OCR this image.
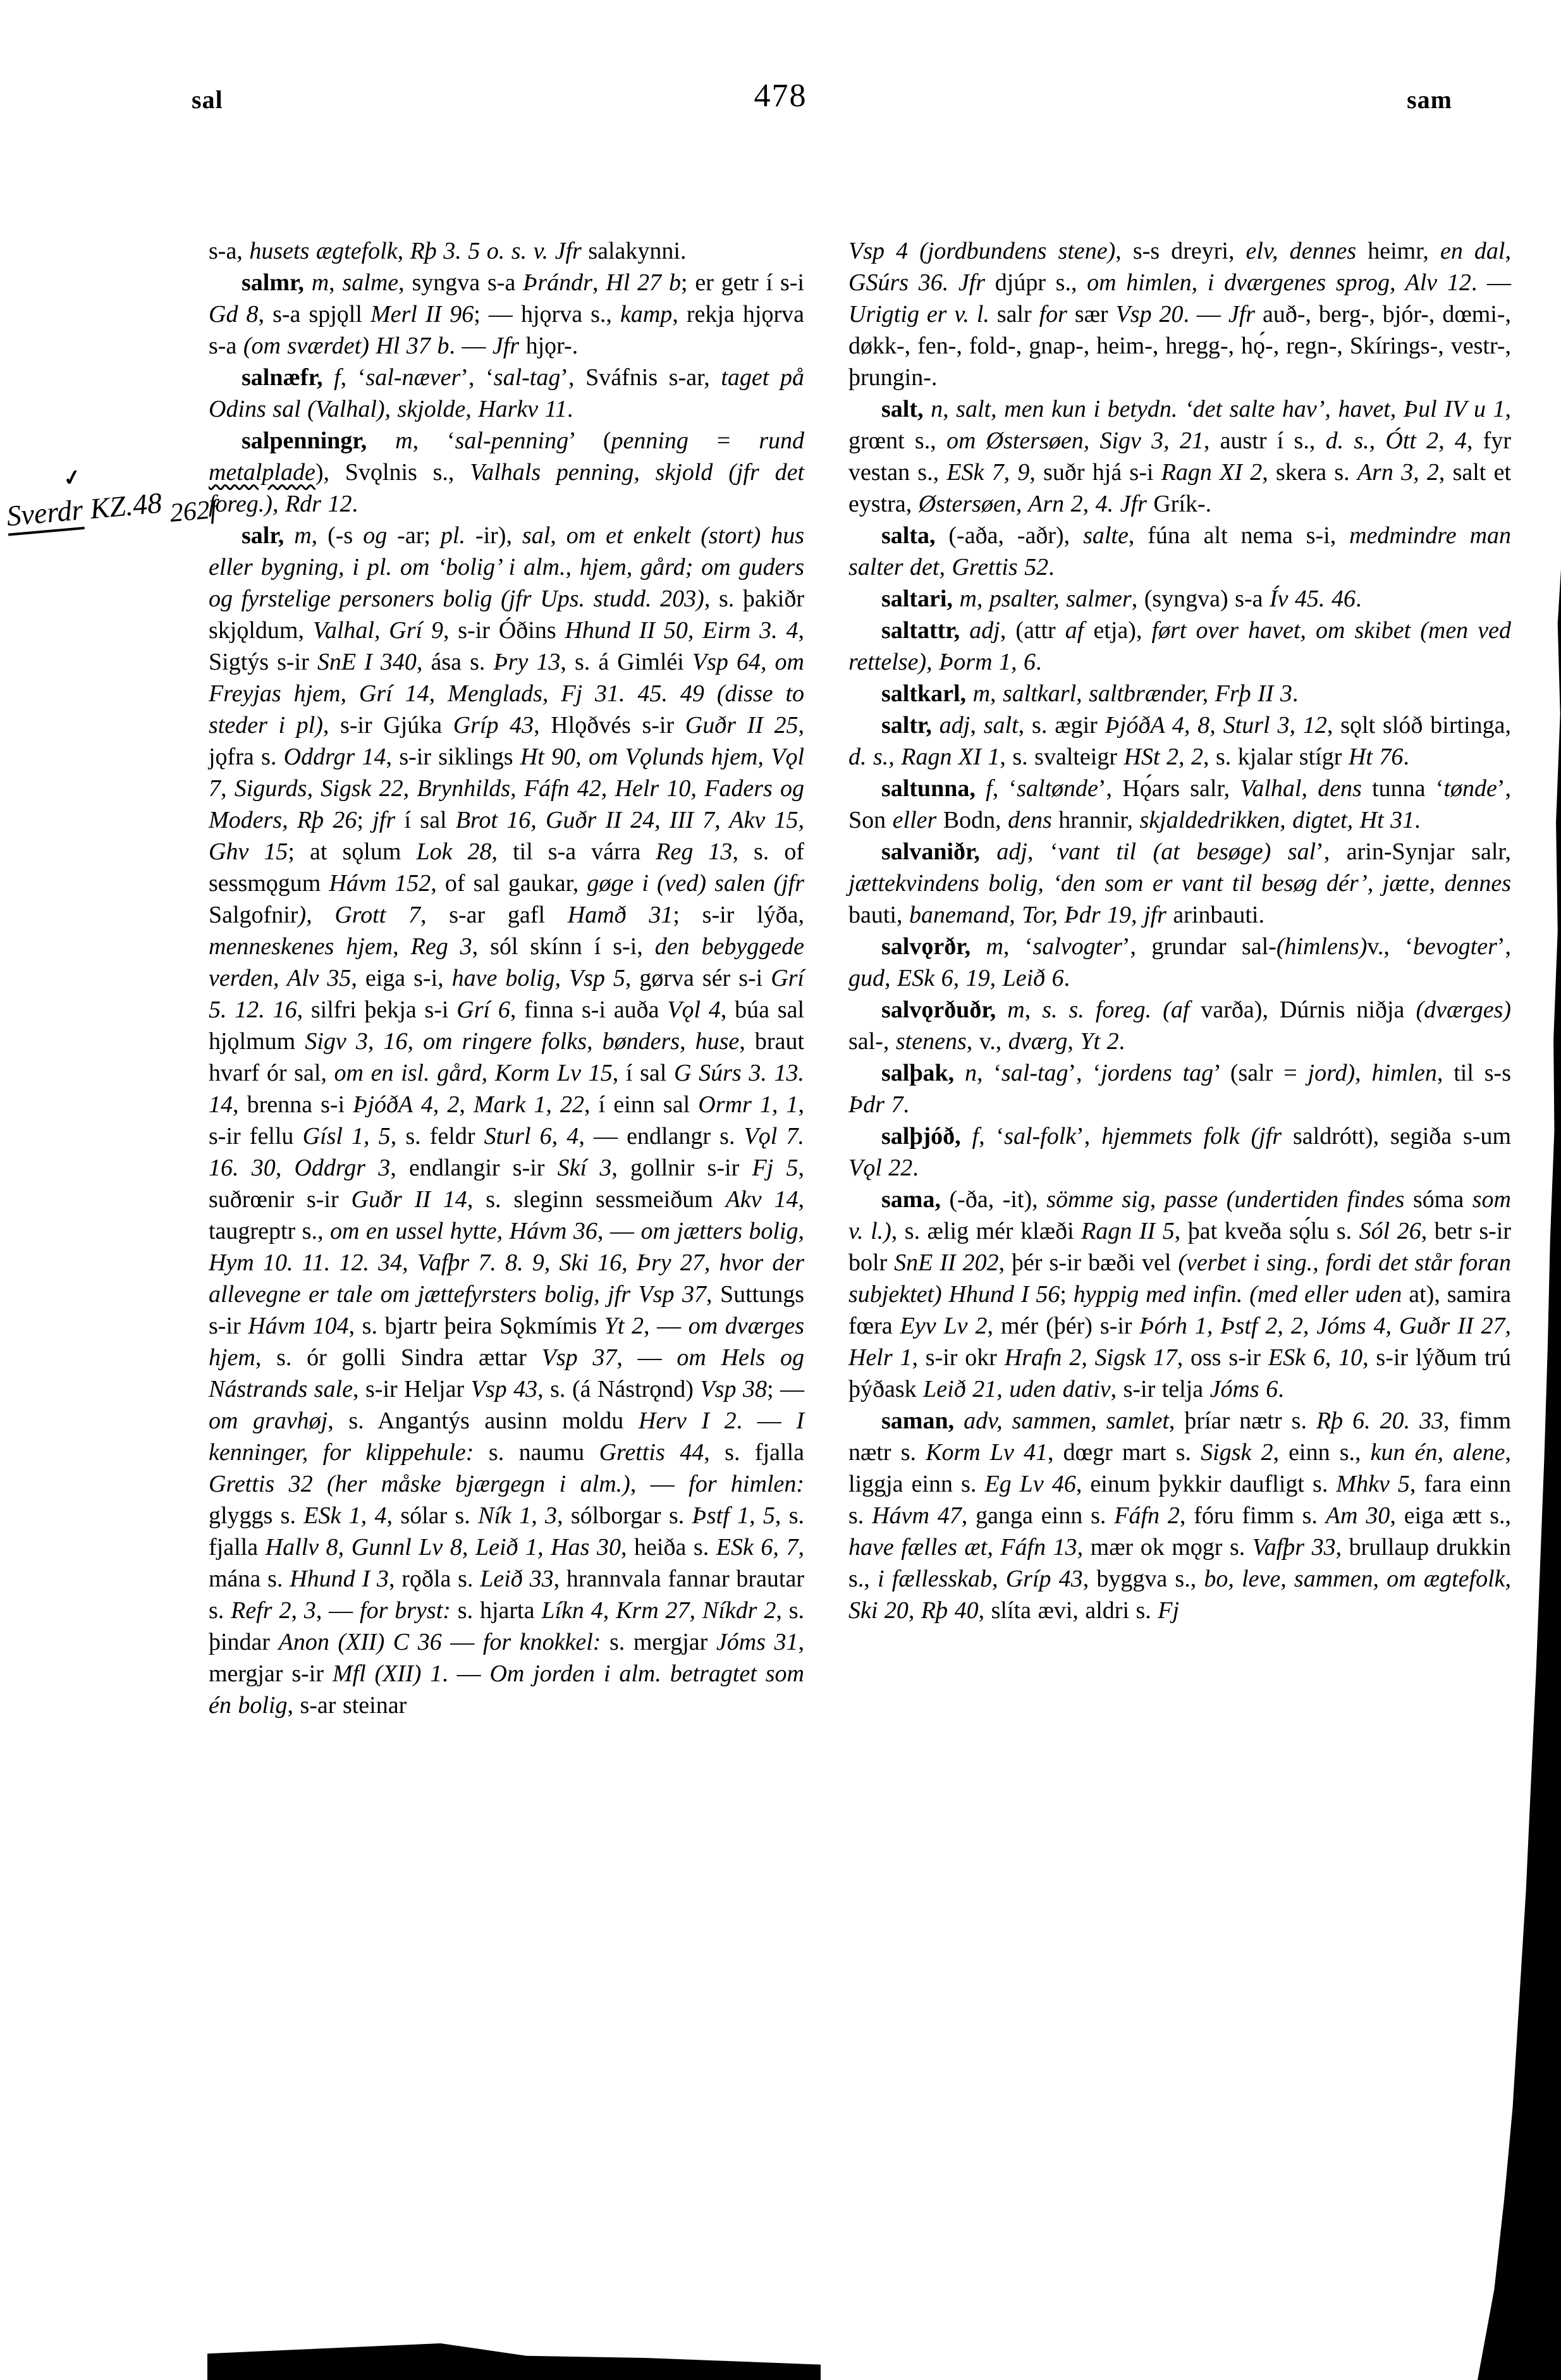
sal	478	sam
✓
Sverdr KZ.48 262f

s-a, husets ægtefolk, Rþ 3. 5 o. s. v. Jfr salakynni.

salmr, m, salme, syngva s-a Þrándr, Hl 27 b; er getr í s-i Gd 8, s-a spjǫll Merl II 96; — hjǫrva s., kamp, rekja hjǫrva s-a (om sværdet) Hl 37 b. — Jfr hjǫr-.

salnæfr, f, ‘sal-næver’, ‘sal-tag’, Sváfnis s-ar, taget på Odins sal (Valhal), skjolde, Harkv 11.

salpenningr, m, ‘sal-penning’ (penning = rund metalplade), Svǫlnis s., Valhals penning, skjold (jfr det foreg.), Rdr 12.

salr, m, (-s og -ar; pl. -ir), sal, om et enkelt (stort) hus eller bygning, i pl. om ‘bolig’ i alm., hjem, gård; om guders og fyrstelige personers bolig (jfr Ups. studd. 203), s. þakiðr skjǫldum, Valhal, Grí 9, s-ir Óðins Hhund II 50, Eirm 3. 4, Sigtýs s-ir SnE I 340, ása s. Þry 13, s. á Gimléi Vsp 64, om Freyjas hjem, Grí 14, Menglads, Fj 31. 45. 49 (disse to steder i pl), s-ir Gjúka Gríp 43, Hlǫðvés s-ir Guðr II 25, jǫfra s. Oddrgr 14, s-ir siklings Ht 90, om Vǫlunds hjem, Vǫl 7, Sigurds, Sigsk 22, Brynhilds, Fáfn 42, Helr 10, Faders og Moders, Rþ 26; jfr í sal Brot 16, Guðr II 24, III 7, Akv 15, Ghv 15; at sǫlum Lok 28, til s-a várra Reg 13, s. of sessmǫgum Hávm 152, of sal gaukar, gøge i (ved) salen (jfr Salgofnir), Grott 7, s-ar gafl Hamð 31; s-ir lýða, menneskenes hjem, Reg 3, sól skínn í s-i, den bebyggede verden, Alv 35, eiga s-i, have bolig, Vsp 5, gørva sér s-i Grí 5. 12. 16, silfri þekja s-i Grí 6, finna s-i auða Vǫl 4, búa sal hjǫlmum Sigv 3, 16, om ringere folks, bønders, huse, braut hvarf ór sal, om en isl. gård, Korm Lv 15, í sal G Súrs 3. 13. 14, brenna s-i ÞjóðA 4, 2, Mark 1, 22, í einn sal Ormr 1, 1, s-ir fellu Gísl 1, 5, s. feldr Sturl 6, 4, — endlangr s. Vǫl 7. 16. 30, Oddrgr 3, endlangir s-ir Skí 3, gollnir s-ir Fj 5, suðrœnir s-ir Guðr II 14, s. sleginn sessmeiðum Akv 14, taugreptr s., om en ussel hytte, Hávm 36, — om jætters bolig, Hym 10. 11. 12. 34, Vafþr 7. 8. 9, Ski 16, Þry 27, hvor der allevegne er tale om jættefyrsters bolig, jfr Vsp 37, Suttungs s-ir Hávm 104, s. bjartr þeira Sǫkmímis Yt 2, — om dværges hjem, s. ór golli Sindra ættar Vsp 37, — om Hels og Nástrands sale, s-ir Heljar Vsp 43, s. (á Nástrǫnd) Vsp 38; — om gravhøj, s. Angantýs ausinn moldu Herv I 2. — I kenninger, for klippehule: s. naumu Grettis 44, s. fjalla Grettis 32 (her måske bjærgegn i alm.), — for himlen: glyggs s. ESk 1, 4, sólar s. Ník 1, 3, sólborgar s. Þstf 1, 5, s. fjalla Hallv 8, Gunnl Lv 8, Leið 1, Has 30, heiða s. ESk 6, 7, mána s. Hhund I 3, rǫðla s. Leið 33, hrannvala fannar brautar s. Refr 2, 3, — for bryst: s. hjarta Líkn 4, Krm 27, Níkdr 2, s. þindar Anon (XII) C 36 — for knokkel: s. mergjar Jóms 31, mergjar s-ir Mfl (XII) 1. — Om jorden i alm. betragtet som én bolig, s-ar steinar

Vsp 4 (jordbundens stene), s-s dreyri, elv, dennes heimr, en dal, GSúrs 36. Jfr djúpr s., om himlen, i dværgenes sprog, Alv 12. — Urigtig er v. l. salr for sær Vsp 20. — Jfr auð-, berg-, bjór-, dœmi-, døkk-, fen-, fold-, gnap-, heim-, hregg-, hǫ́-, regn-, Skírings-, vestr-, þrungin-.

salt, n, salt, men kun i betydn. ‘det salte hav’, havet, Þul IV u 1, grœnt s., om Østersøen, Sigv 3, 21, austr í s., d. s., Ótt 2, 4, fyr vestan s., ESk 7, 9, suðr hjá s-i Ragn XI 2, skera s. Arn 3, 2, salt et eystra, Østersøen, Arn 2, 4. Jfr Grík-.

salta, (-aða, -aðr), salte, fúna alt nema s-i, medmindre man salter det, Grettis 52.

saltari, m, psalter, salmer, (syngva) s-a Ív 45. 46.

saltattr, adj, (attr af etja), ført over havet, om skibet (men ved rettelse), Þorm 1, 6.

saltkarl, m, saltkarl, saltbrænder, Frþ II 3.

saltr, adj, salt, s. ægir ÞjóðA 4, 8, Sturl 3, 12, sǫlt slóð birtinga, d. s., Ragn XI 1, s. svalteigr HSt 2, 2, s. kjalar stígr Ht 76.

saltunna, f, ‘saltønde’, Hǫ́ars salr, Valhal, dens tunna ‘tønde’, Son eller Bodn, dens hrannir, skjaldedrikken, digtet, Ht 31.

salvaniðr, adj, ‘vant til (at besøge) sal’, arin-Synjar salr, jættekvindens bolig, ‘den som er vant til besøg dér’, jætte, dennes bauti, banemand, Tor, Þdr 19, jfr arinbauti.

salvǫrðr, m, ‘salvogter’, grundar sal-(himlens)v., ‘bevogter’, gud, ESk 6, 19, Leið 6.

salvǫrðuðr, m, s. s. foreg. (af varða), Dúrnis niðja (dværges) sal-, stenens, v., dværg, Yt 2.

salþak, n, ‘sal-tag’, ‘jordens tag’ (salr = jord), himlen, til s-s Þdr 7.

salþjóð, f, ‘sal-folk’, hjemmets folk (jfr saldrótt), segiða s-um Vǫl 22.

sama, (-ða, -it), sömme sig, passe (undertiden findes sóma som v. l.), s. ælig mér klæði Ragn II 5, þat kveða sǫ́lu s. Sól 26, betr s-ir bolr SnE II 202, þér s-ir bæði vel (verbet i sing., fordi det står foran subjektet) Hhund I 56; hyppig med infin. (med eller uden at), samira fœra Eyv Lv 2, mér (þér) s-ir Þórh 1, Þstf 2, 2, Jóms 4, Guðr II 27, Helr 1, s-ir okr Hrafn 2, Sigsk 17, oss s-ir ESk 6, 10, s-ir lýðum trú þýðask Leið 21, uden dativ, s-ir telja Jóms 6.

saman, adv, sammen, samlet, þríar nætr s. Rþ 6. 20. 33, fimm nætr s. Korm Lv 41, dœgr mart s. Sigsk 2, einn s., kun én, alene, liggja einn s. Eg Lv 46, einum þykkir daufligt s. Mhkv 5, fara einn s. Hávm 47, ganga einn s. Fáfn 2, fóru fimm s. Am 30, eiga ætt s., have fælles æt, Fáfn 13, mær ok mǫgr s. Vafþr 33, brullaup drukkin s., i fællesskab, Gríp 43, byggva s., bo, leve, sammen, om ægtefolk, Ski 20, Rþ 40, slíta ævi, aldri s. Fj
